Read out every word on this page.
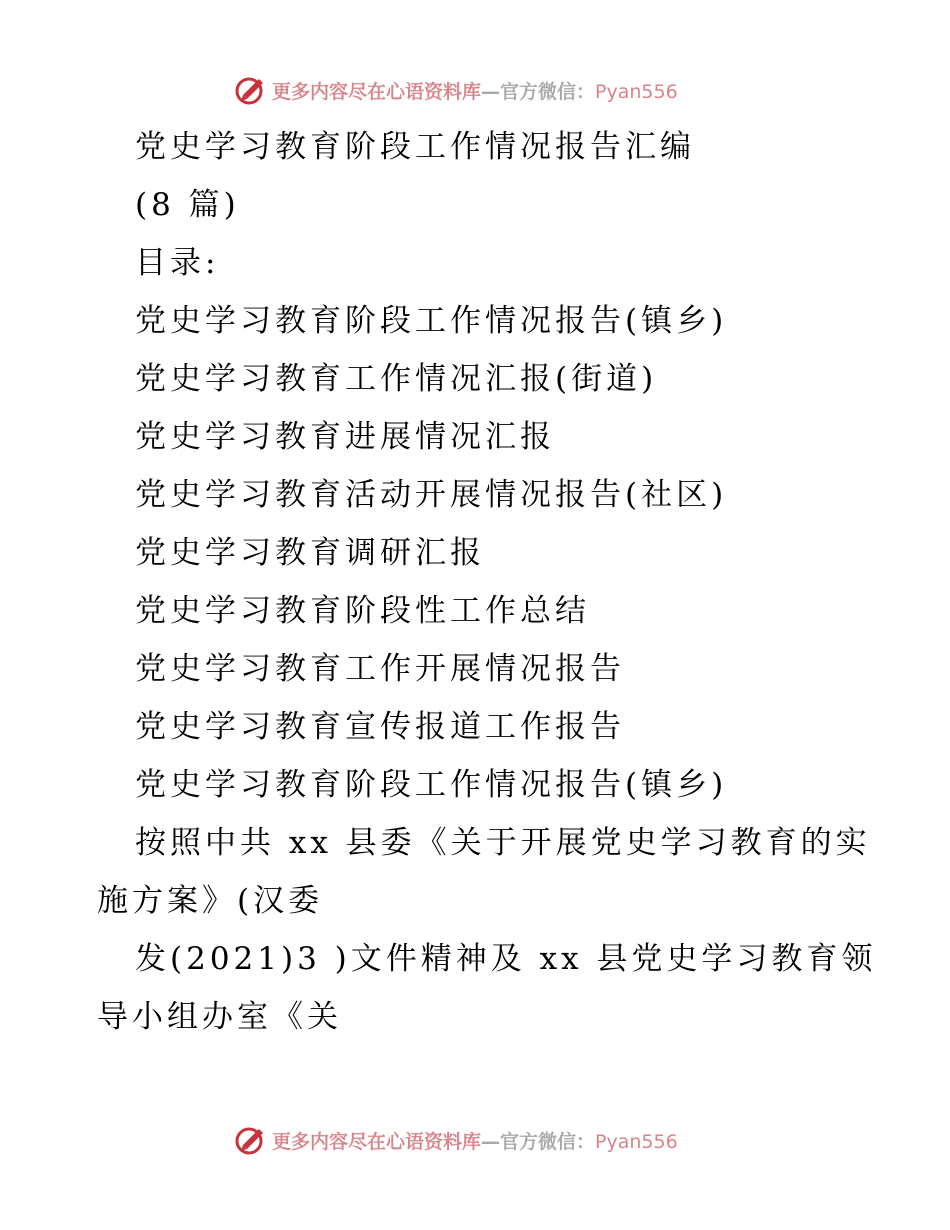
更多内容尽在心语资料库—官方微信：Pyan556
党史学习教育阶段工作情况报告汇编
(8 篇)
目录:
党史学习教育阶段工作情况报告(镇乡)
党史学习教育工作情况汇报(街道)
党史学习教育进展情况汇报
党史学习教育活动开展情况报告(社区)
党史学习教育调研汇报
党史学习教育阶段性工作总结
党史学习教育工作开展情况报告
党史学习教育宣传报道工作报告
党史学习教育阶段工作情况报告(镇乡)
按照中共 xx 县委《关于开展党史学习教育的实
施方案》(汉委
发(2021)3 )文件精神及 xx 县党史学习教育领
导小组办室《关
更多内容尽在心语资料库—官方微信：Pyan556
